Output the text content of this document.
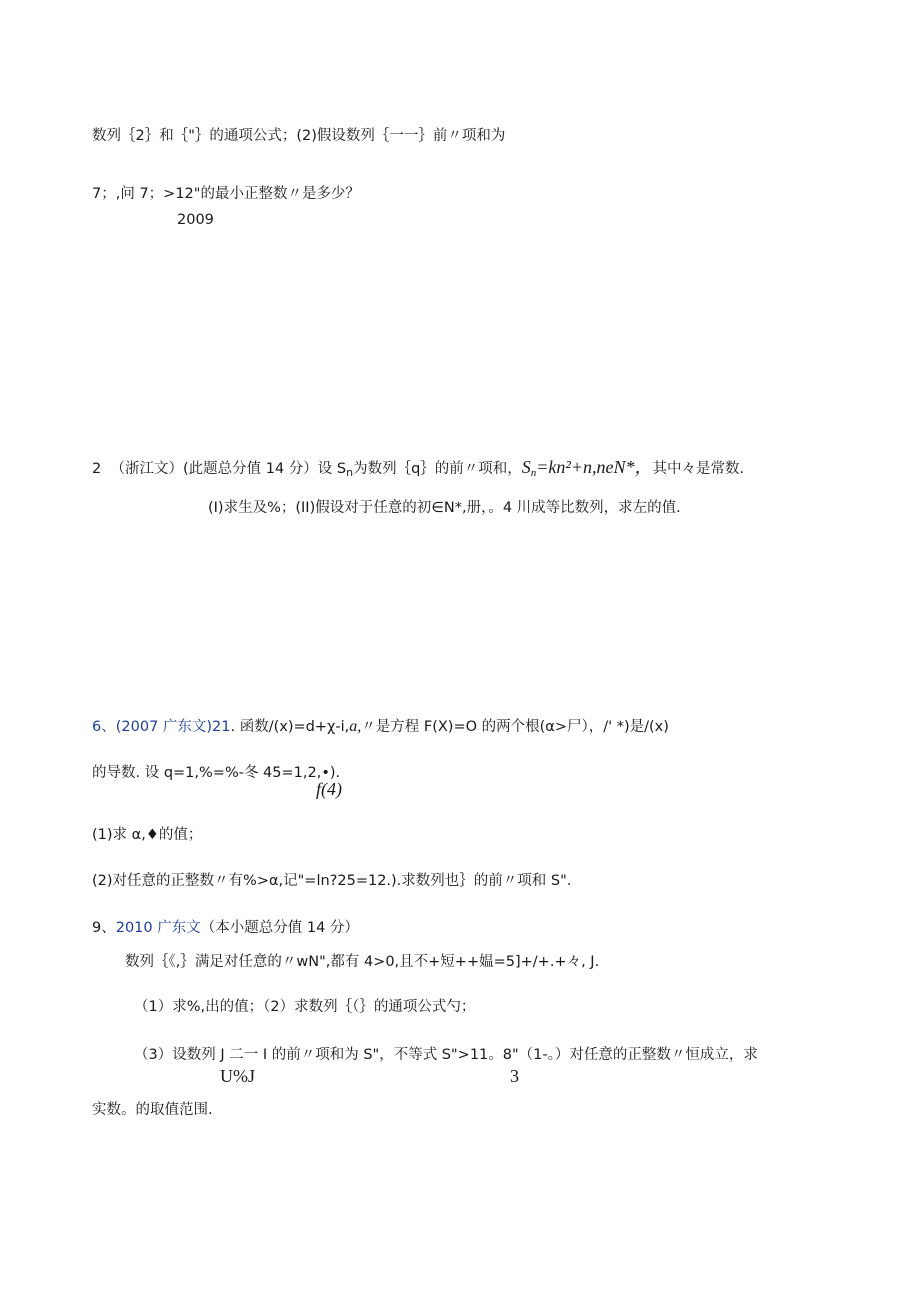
数列｛2｝和｛"｝的通项公式；(2)假设数列｛一一｝前〃项和为
7；,问 7；>12"的最小正整数〃是多少？
2009
2 （浙江文）(此题总分值 14 分）设 $S_n$为数列｛q｝的前〃项和，$S_n=kn^2+n,neN*$，其中々是常数.
(I)求生及%；(II)假设对于任意的初∈N*,册，。4 川成等比数列，求左的值.
6、(2007 广东文)21. 函数/(x)=d+χ-i,a,〃是方程 F(X)=O 的两个根(α>尸），/' *)是/(x)
的导数. 设 q=1,%=%-冬 45=1,2,•).
f(4)
(1)求 α,♦的值；
(2)对任意的正整数〃有%>α,记"=ln?25=12.).求数列也｝的前〃项和 S".
9、2010 广东文（本小题总分值 14 分）
数列｛《,｝满足对任意的〃wN",都有 4>0,且不+短++媪=5]+/+.+々, J.
（1）求%,出的值；（2）求数列｛（｝的通项公式勺；
（3）设数列 J 二一 I 的前〃项和为 S"，不等式 S">11。8"（1-。）对任意的正整数〃恒成立，求
U%J	3
实数。的取值范围.
